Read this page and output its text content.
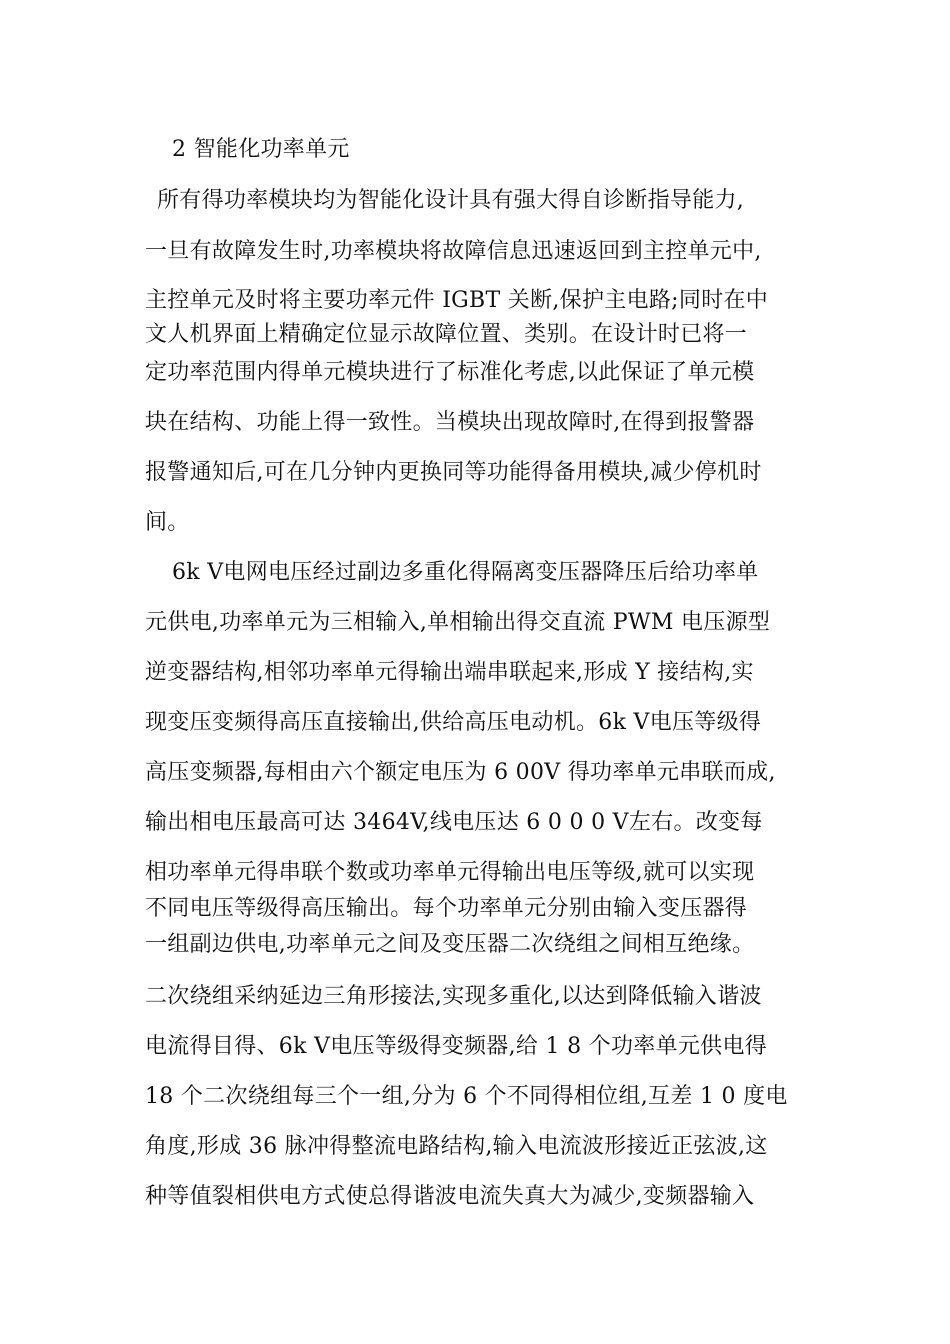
2 智能化功率单元
所有得功率模块均为智能化设计具有强大得自诊断指导能力,
一旦有故障发生时,功率模块将故障信息迅速返回到主控单元中,
主控单元及时将主要功率元件 IGBT 关断,保护主电路;同时在中
文人机界面上精确定位显示故障位置、类别。在设计时已将一
定功率范围内得单元模块进行了标准化考虑,以此保证了单元模
块在结构、功能上得一致性。当模块出现故障时,在得到报警器
报警通知后,可在几分钟内更换同等功能得备用模块,减少停机时
间。
6k V电网电压经过副边多重化得隔离变压器降压后给功率单
元供电,功率单元为三相输入,单相输出得交直流 PWM 电压源型
逆变器结构,相邻功率单元得输出端串联起来,形成 Y 接结构,实
现变压变频得高压直接输出,供给高压电动机。6k V电压等级得
高压变频器,每相由六个额定电压为 6 00V 得功率单元串联而成,
输出相电压最高可达 3464V,线电压达 6 0 0 0 V左右。改变每
相功率单元得串联个数或功率单元得输出电压等级,就可以实现
不同电压等级得高压输出。每个功率单元分别由输入变压器得
一组副边供电,功率单元之间及变压器二次绕组之间相互绝缘。
二次绕组采纳延边三角形接法,实现多重化,以达到降低输入谐波
电流得目得、6k V电压等级得变频器,给 1 8 个功率单元供电得
18 个二次绕组每三个一组,分为 6 个不同得相位组,互差 1 0 度电
角度,形成 36 脉冲得整流电路结构,输入电流波形接近正弦波,这
种等值裂相供电方式使总得谐波电流失真大为减少,变频器输入
